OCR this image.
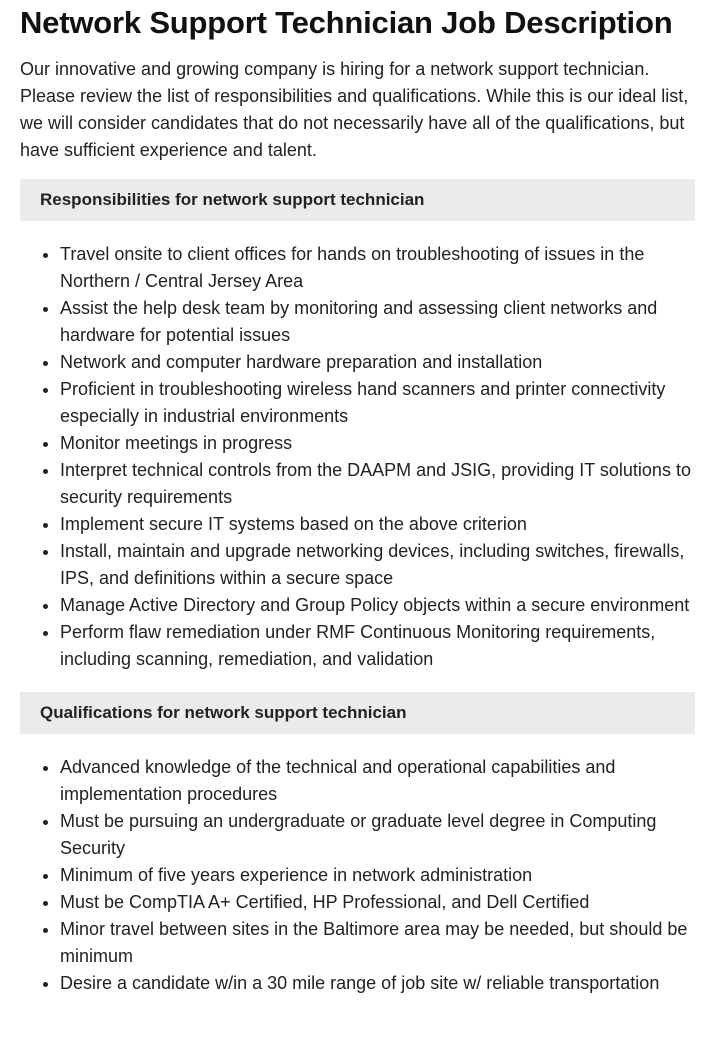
Network Support Technician Job Description

Our innovative and growing company is hiring for a network support technician. Please review the list of responsibilities and qualifications. While this is our ideal list, we will consider candidates that do not necessarily have all of the qualifications, but have sufficient experience and talent.

Responsibilities for network support technician
• Travel onsite to client offices for hands on troubleshooting of issues in the Northern / Central Jersey Area
• Assist the help desk team by monitoring and assessing client networks and hardware for potential issues
• Network and computer hardware preparation and installation
• Proficient in troubleshooting wireless hand scanners and printer connectivity especially in industrial environments
• Monitor meetings in progress
• Interpret technical controls from the DAAPM and JSIG, providing IT solutions to security requirements
• Implement secure IT systems based on the above criterion
• Install, maintain and upgrade networking devices, including switches, firewalls, IPS, and definitions within a secure space
• Manage Active Directory and Group Policy objects within a secure environment
• Perform flaw remediation under RMF Continuous Monitoring requirements, including scanning, remediation, and validation
Qualifications for network support technician
• Advanced knowledge of the technical and operational capabilities and implementation procedures
• Must be pursuing an undergraduate or graduate level degree in Computing Security
• Minimum of five years experience in network administration
• Must be CompTIA A+ Certified, HP Professional, and Dell Certified
• Minor travel between sites in the Baltimore area may be needed, but should be minimum
• Desire a candidate w/in a 30 mile range of job site w/ reliable transportation
